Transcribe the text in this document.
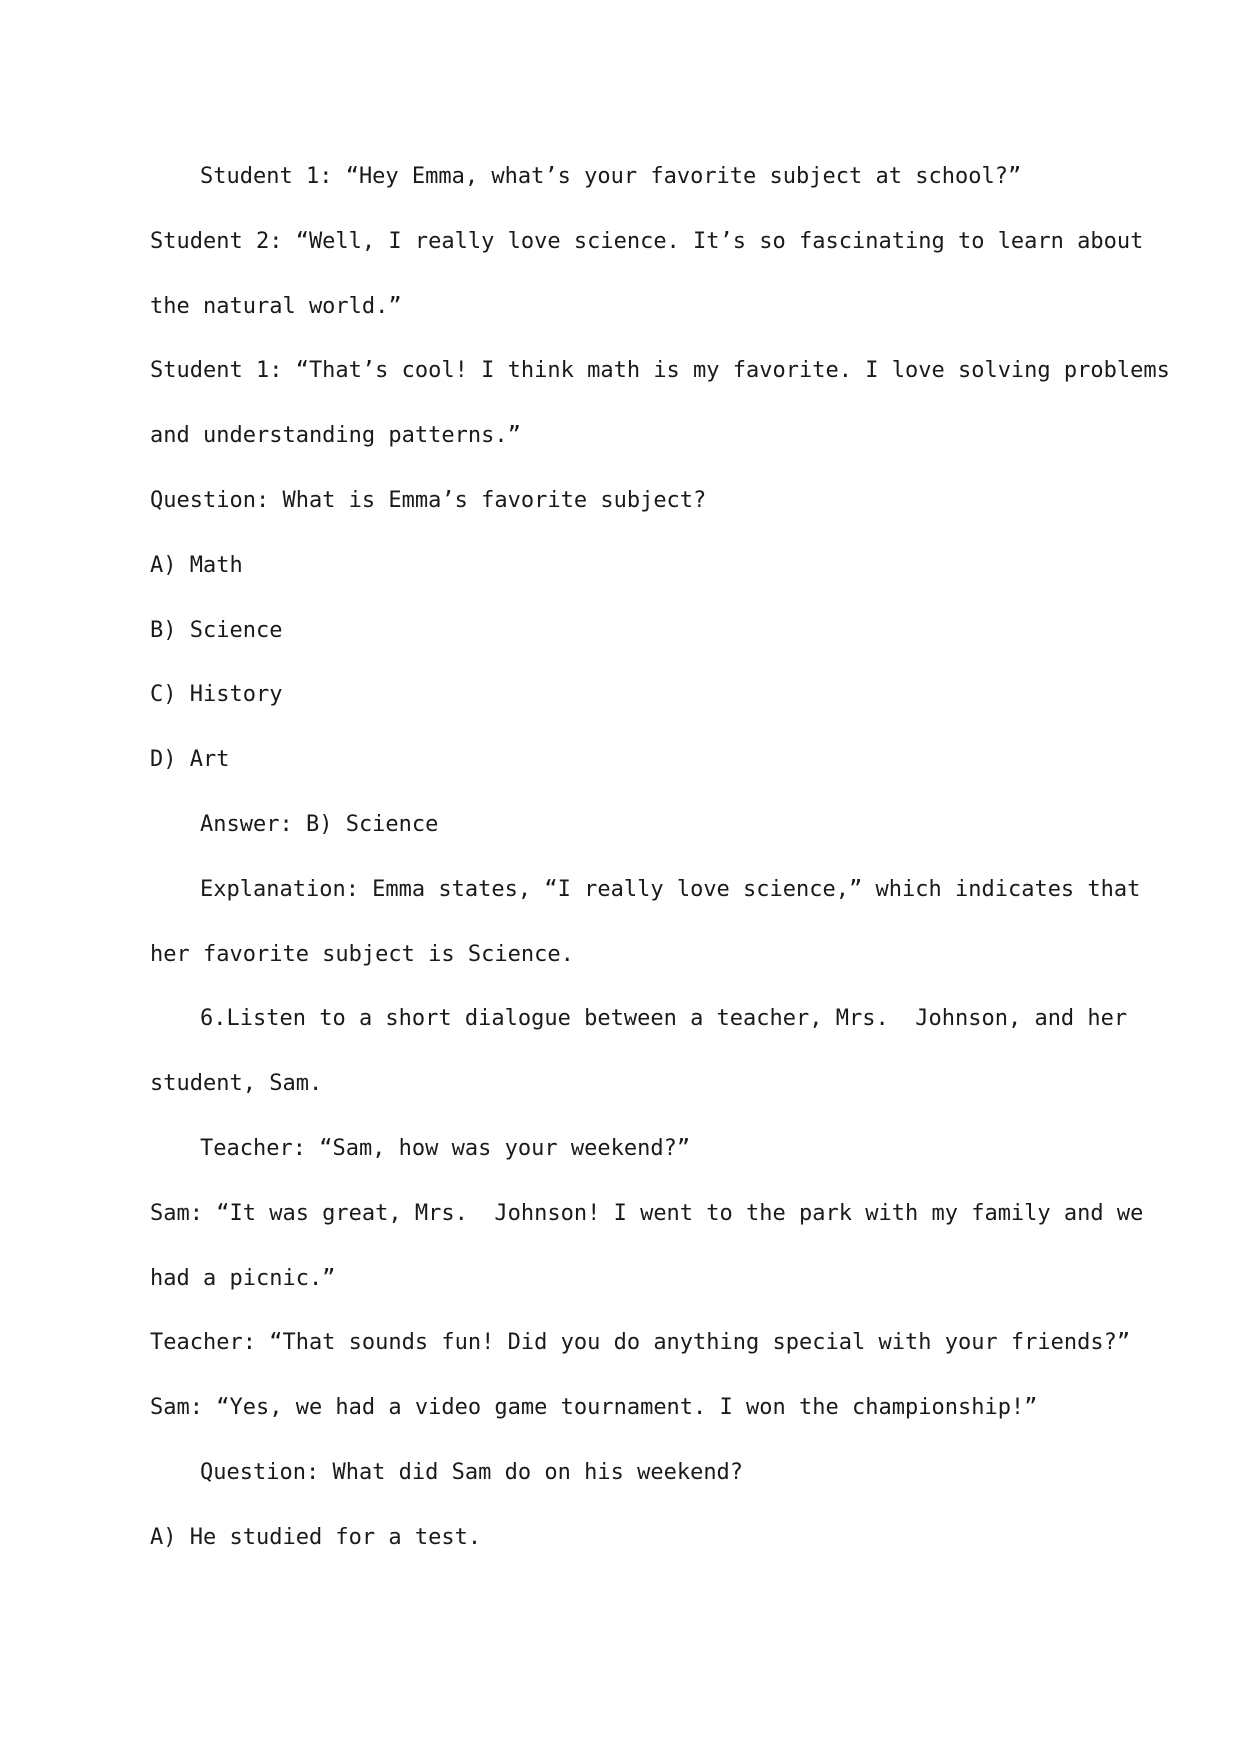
Student 1: “Hey Emma, what’s your favorite subject at school?”
Student 2: “Well, I really love science. It’s so fascinating to learn about
the natural world.”
Student 1: “That’s cool! I think math is my favorite. I love solving problems
and understanding patterns.”
Question: What is Emma’s favorite subject?
A) Math
B) Science
C) History
D) Art
Answer: B) Science
Explanation: Emma states, “I really love science,” which indicates that
her favorite subject is Science.
6.Listen to a short dialogue between a teacher, Mrs.  Johnson, and her
student, Sam.
Teacher: “Sam, how was your weekend?”
Sam: “It was great, Mrs.  Johnson! I went to the park with my family and we
had a picnic.”
Teacher: “That sounds fun! Did you do anything special with your friends?”
Sam: “Yes, we had a video game tournament. I won the championship!”
Question: What did Sam do on his weekend?
A) He studied for a test.
